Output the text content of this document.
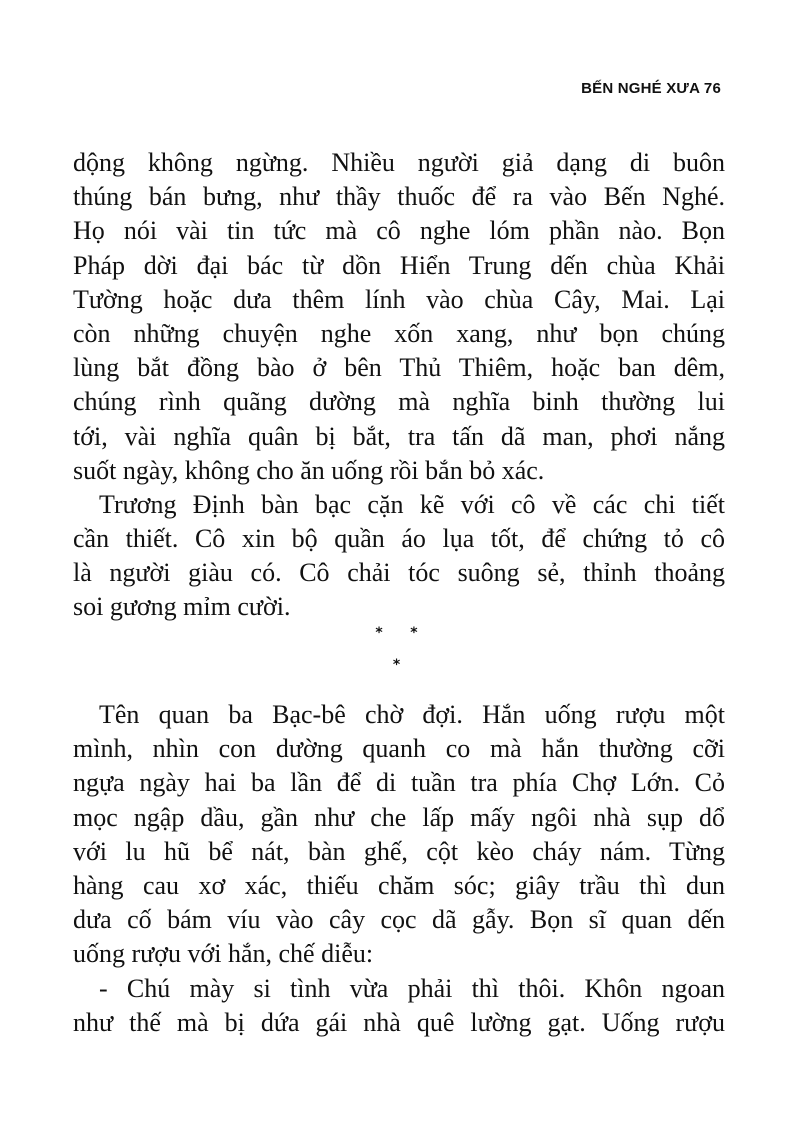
BẾN NGHÉ XƯA 76
dộng không ngừng. Nhiều người giả dạng di buôn
thúng bán bưng, như thầy thuốc để ra vào Bến Nghé.
Họ nói vài tin tức mà cô nghe lóm phần nào. Bọn
Pháp dời đại bác từ dồn Hiển Trung dến chùa Khải
Tường hoặc dưa thêm lính vào chùa Cây, Mai. Lại
còn những chuyện nghe xốn xang, như bọn chúng
lùng bắt đồng bào ở bên Thủ Thiêm, hoặc ban dêm,
chúng rình quãng dường mà nghĩa binh thường lui
tới, vài nghĩa quân bị bắt, tra tấn dã man, phơi nắng
suốt ngày, không cho ăn uống rồi bắn bỏ xác.
Trương Định bàn bạc cặn kẽ với cô về các chi tiết
cần thiết. Cô xin bộ quần áo lụa tốt, để chứng tỏ cô
là người giàu có. Cô chải tóc suông sẻ, thỉnh thoảng
soi gương mỉm cười.
* *
*
Tên quan ba Bạc-bê chờ đợi. Hắn uống rượu một
mình, nhìn con dường quanh co mà hắn thường cỡi
ngựa ngày hai ba lần để di tuần tra phía Chợ Lớn. Cỏ
mọc ngập dầu, gần như che lấp mấy ngôi nhà sụp dổ
với lu hũ bể nát, bàn ghế, cột kèo cháy nám. Từng
hàng cau xơ xác, thiếu chăm sóc; giây trầu thì dun
dưa cố bám víu vào cây cọc dã gẫy. Bọn sĩ quan dến
uống rượu với hắn, chế diễu:
- Chú mày si tình vừa phải thì thôi. Khôn ngoan
như thế mà bị dứa gái nhà quê lường gạt. Uống rượu
